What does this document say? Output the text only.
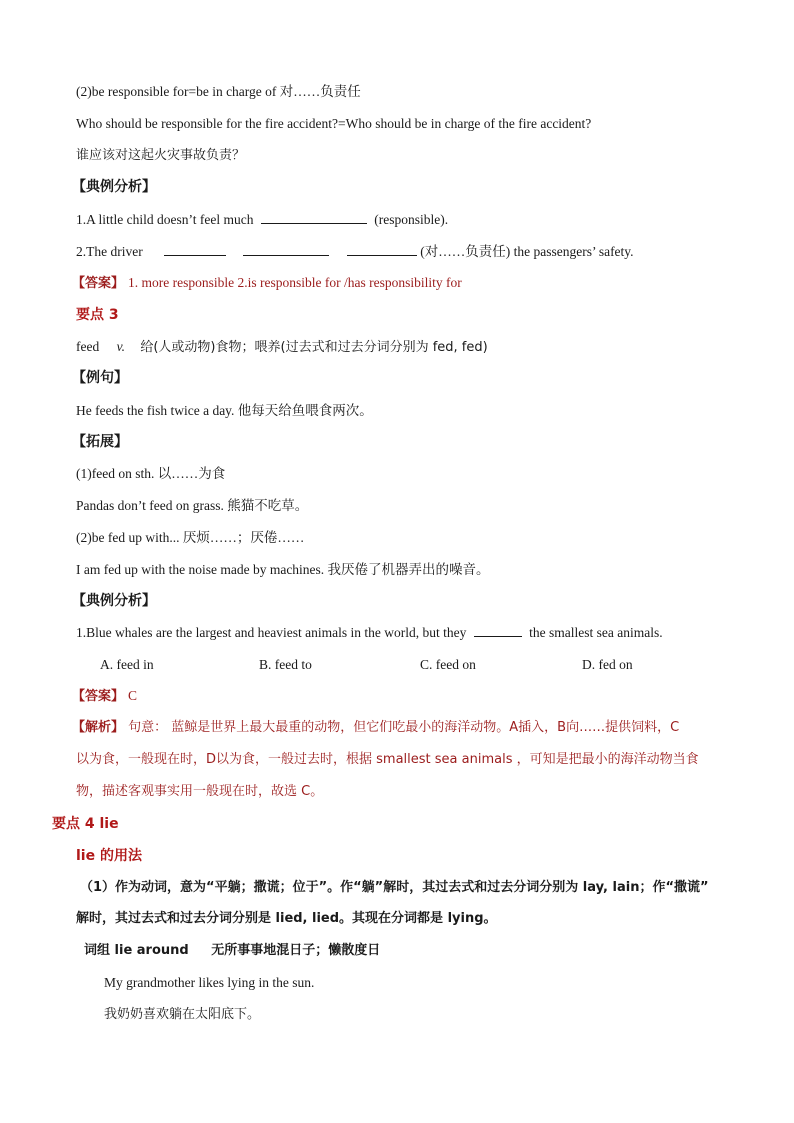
(2)be responsible for=be in charge of 对……负责任
Who should be responsible for the fire accident?=Who should be in charge of the fire accident?
谁应该对这起火灾事故负责？
【典例分析】
1.A little child doesn’t feel much	(responsible).
2.The driver	(对……负责任) the passengers’ safety.
【答案】 1. more responsible 2.is responsible for /has responsibility for
要点 3
feed v. 给(人或动物)食物；喂养(过去式和过去分词分别为 fed, fed)
【例句】
He feeds the fish twice a day. 他每天给鱼喂食两次。
【拓展】
(1)feed on sth. 以……为食
Pandas don’t feed on grass. 熊猫不吃草。
(2)be fed up with... 厌烦……；厌倦……
I am fed up with the noise made by machines. 我厌倦了机器弄出的噪音。
【典例分析】
1.Blue whales are the largest and heaviest animals in the world, but they	the smallest sea animals.
A. feed in	B. feed to	C. feed on	D. fed on
【答案】 C
【解析】 句意： 蓝鲸是世界上最大最重的动物，但它们吃最小的海洋动物。A插入，B向……提供饲料，C
以为食，一般现在时，D以为食，一般过去时，根据 smallest sea animals ，可知是把最小的海洋动物当食
物，描述客观事实用一般现在时，故选 C。
要点 4 lie
lie 的用法
（1）作为动词，意为“平躺；撒谎；位于”。作“躺”解时，其过去式和过去分词分别为 lay, lain；作“撒谎”
解时，其过去式和过去分词分别是 lied, lied。其现在分词都是 lying。
词组 lie around 无所事事地混日子；懒散度日
My grandmother likes lying in the sun.
我奶奶喜欢躺在太阳底下。
